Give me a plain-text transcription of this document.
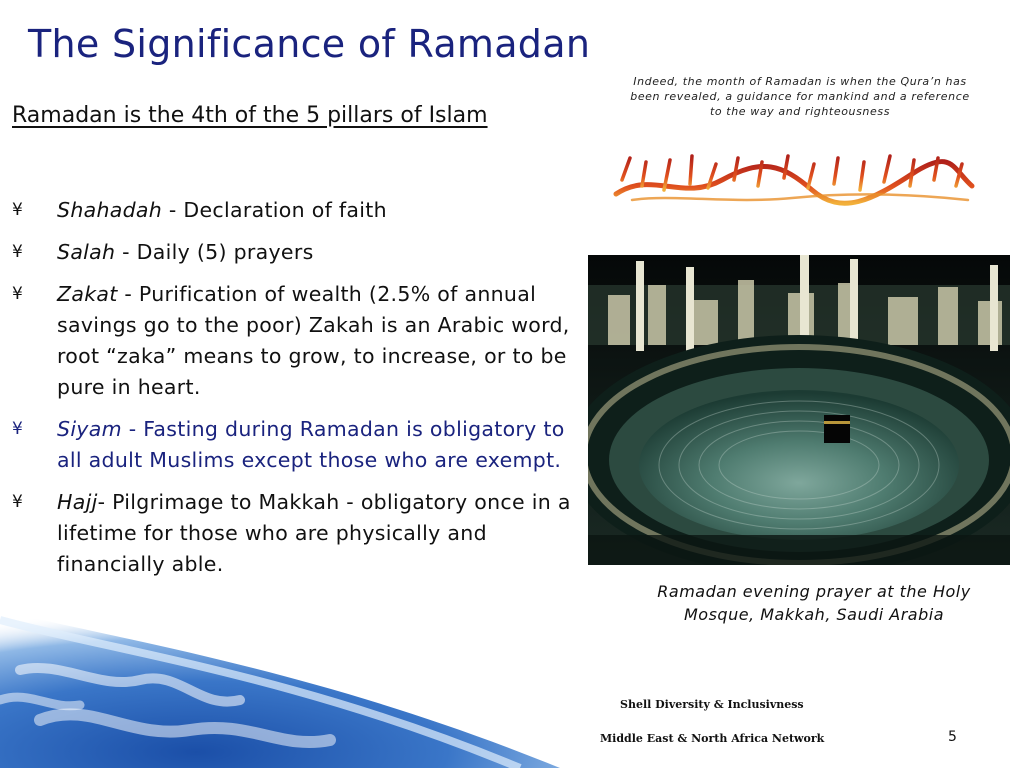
The Significance of Ramadan
Ramadan is the 4th of the 5 pillars of Islam
Indeed, the month of Ramadan is when the Qura’n has been revealed, a guidance for mankind and a reference to the way and righteousness
¥ Shahadah - Declaration of faith
¥ Salah - Daily (5) prayers
¥ Zakat - Purification of wealth (2.5% of annual savings go to the poor) Zakah is an Arabic word, root “zaka” means to grow, to increase, or to be pure in heart.
¥ Siyam - Fasting during Ramadan is obligatory to all adult Muslims except those who are exempt.
¥ Hajj- Pilgrimage to Makkah - obligatory once in a lifetime for those who are physically and financially able.
Ramadan evening prayer at the Holy Mosque, Makkah, Saudi Arabia
Shell Diversity & Inclusivness
Middle East & North Africa Network	5
